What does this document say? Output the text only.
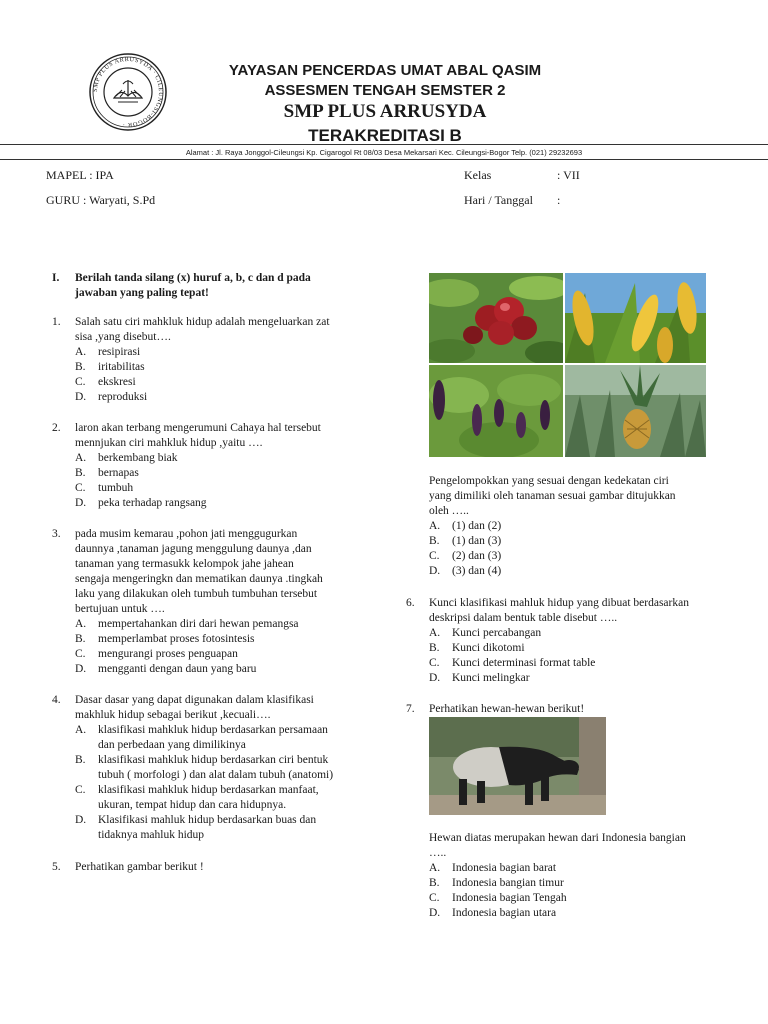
SMP PLUS ARRUSYDA · CILEUNGSI-BOGOR ·
YAYASAN PENCERDAS UMAT ABAL QASIM
ASSESMEN TENGAH SEMSTER 2
SMP PLUS ARRUSYDA
TERAKREDITASI B
Alamat : Jl. Raya Jonggol-Cileungsi Kp. Cigarogol Rt 08/03 Desa Mekarsari Kec. Cileungsi-Bogor Telp. (021) 29232693
MAPEL : IPA
GURU : Waryati, S.Pd
Kelas	: VII
Hari / Tanggal :
I. Berilah tanda silang (x) huruf a, b, c dan d pada
jawaban yang paling tepat!
1. Salah satu ciri mahkluk hidup adalah mengeluarkan zat
sisa ,yang disebut….
A. resipirasi
B. iritabilitas
C. ekskresi
D. reproduksi
2. laron akan terbang mengerumuni Cahaya hal tersebut
mennjukan ciri mahkluk hidup ,yaitu ….
A. berkembang biak
B. bernapas
C. tumbuh
D. peka terhadap rangsang
3. pada musim kemarau ,pohon jati menggugurkan
daunnya ,tanaman jagung menggulung daunya ,dan
tanaman yang termasukk kelompok jahe jahean
sengaja mengeringkn dan mematikan daunya .tingkah
laku yang dilakukan oleh tumbuh tumbuhan tersebut
bertujuan untuk ….
A. mempertahankan diri dari hewan pemangsa
B. memperlambat proses fotosintesis
C. mengurangi proses penguapan
D. mengganti dengan daun yang baru
4. Dasar dasar yang dapat digunakan dalam klasifikasi
makhluk hidup sebagai berikut ,kecuali….
A. klasifikasi mahkluk hidup berdasarkan persamaan
dan perbedaan yang dimilikinya
B. klasifikasi mahkluk hidup berdasarkan ciri bentuk
tubuh ( morfologi ) dan alat dalam tubuh (anatomi)
C. klasifikasi mahkluk hidup berdasarkan manfaat,
ukuran, tempat hidup dan cara hidupnya.
D. Klasifikasi mahluk hidup berdasarkan buas dan
tidaknya mahluk hidup
5. Perhatikan gambar berikut !
Pengelompokkan yang sesuai dengan kedekatan ciri
yang dimiliki oleh tanaman sesuai gambar ditujukkan
oleh …..
A. (1) dan (2)
B. (1) dan (3)
C. (2) dan (3)
D. (3) dan (4)
6. Kunci klasifikasi mahluk hidup yang dibuat berdasarkan
deskripsi dalam bentuk table disebut …..
A. Kunci percabangan
B. Kunci dikotomi
C. Kunci determinasi format table
D. Kunci melingkar
7. Perhatikan hewan-hewan berikut!
Hewan diatas merupakan hewan dari Indonesia bangian
…..
A. Indonesia bagian barat
B. Indonesia bangian timur
C. Indonesia bagian Tengah
D. Indonesia bagian utara
